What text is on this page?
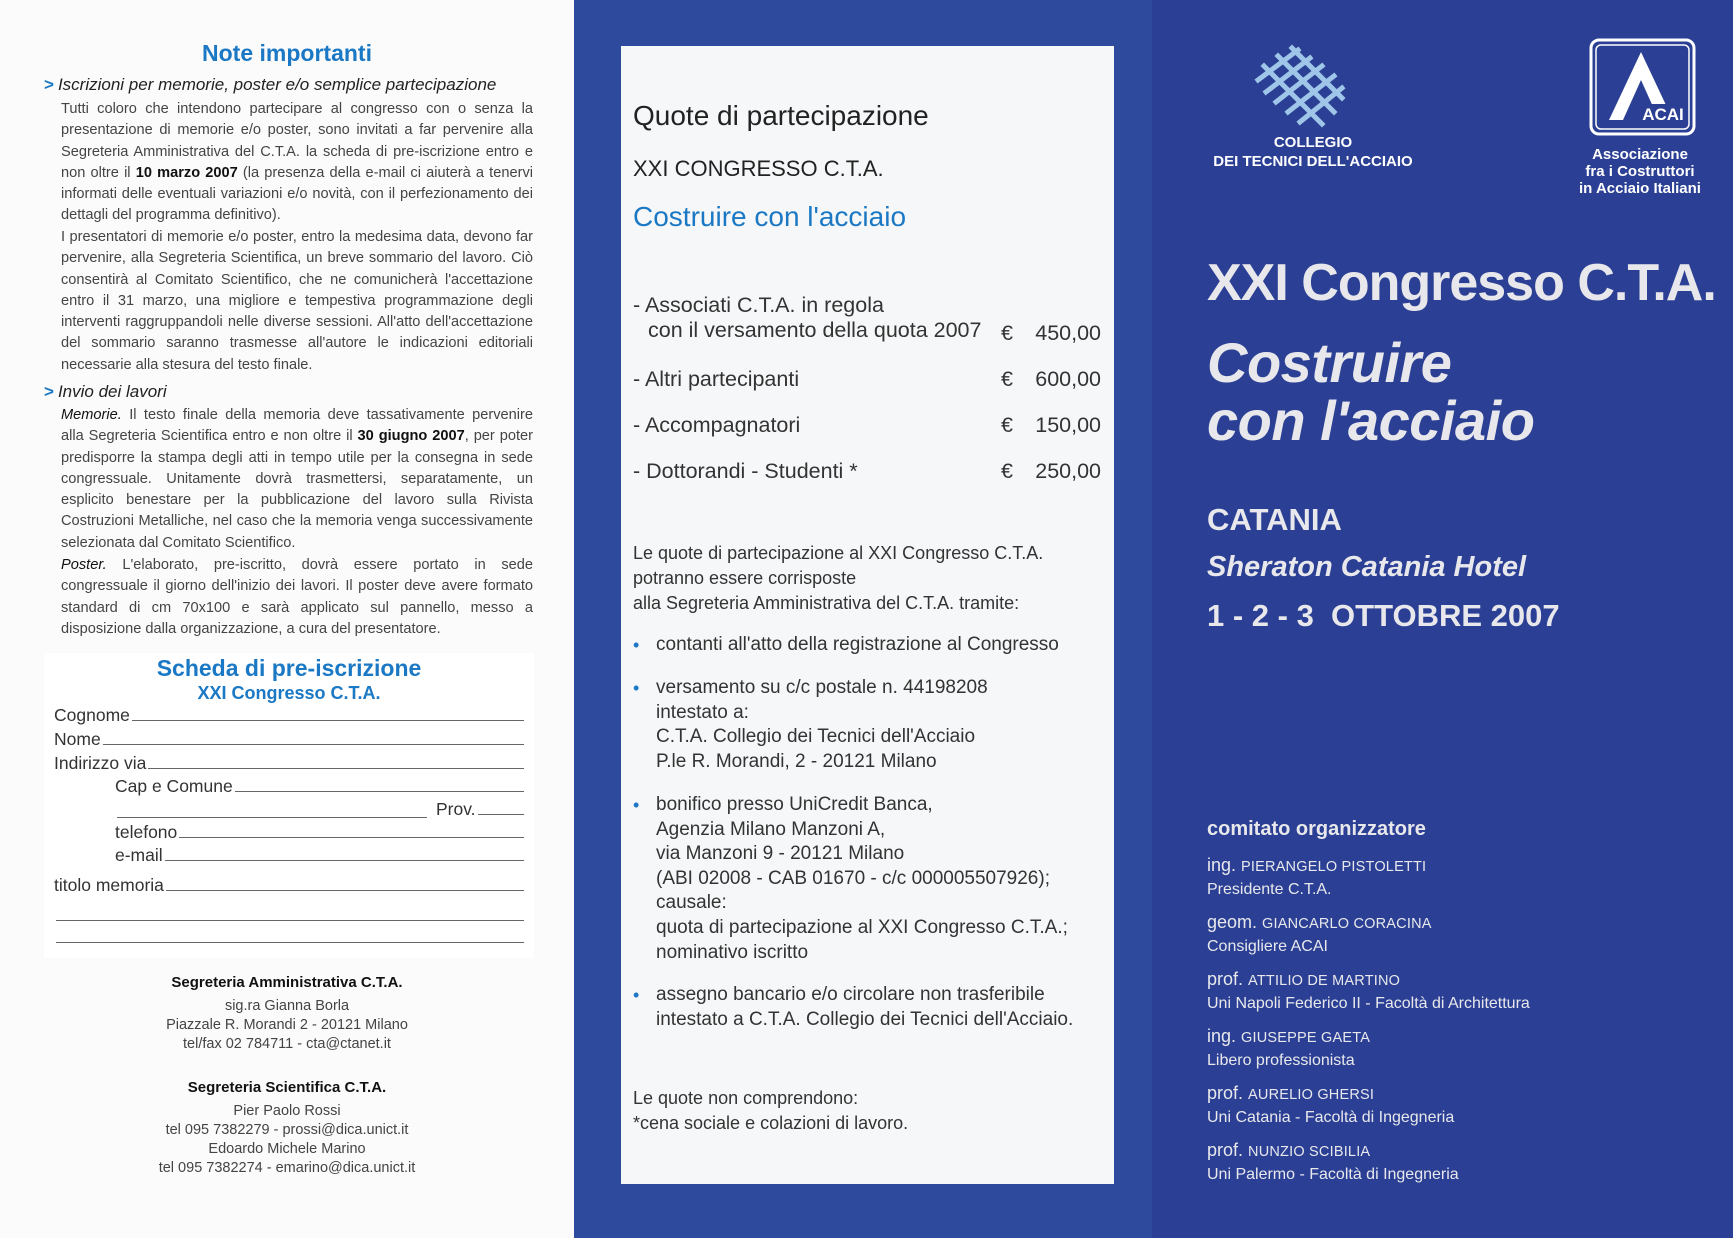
Note importanti
> Iscrizioni per memorie, poster e/o semplice partecipazione

Tutti coloro che intendono partecipare al congresso con o senza la presentazione di memorie e/o poster, sono invitati a far pervenire alla Segreteria Amministrativa del C.T.A. la scheda di pre-iscrizione entro e non oltre il 10 marzo 2007 (la presenza della e-mail ci aiuterà a tenervi informati delle eventuali variazioni e/o novità, con il perfezionamento dei dettagli del programma definitivo).

I presentatori di memorie e/o poster, entro la medesima data, devono far pervenire, alla Segreteria Scientifica, un breve sommario del lavoro. Ciò consentirà al Comitato Scientifico, che ne comunicherà l'accettazione entro il 31 marzo, una migliore e tempestiva programmazione degli interventi raggruppandoli nelle diverse sessioni. All'atto dell'accettazione del sommario saranno trasmesse all'autore le indicazioni editoriali necessarie alla stesura del testo finale.

> Invio dei lavori

Memorie. Il testo finale della memoria deve tassativamente pervenire alla Segreteria Scientifica entro e non oltre il 30 giugno 2007, per poter predisporre la stampa degli atti in tempo utile per la consegna in sede congressuale. Unitamente dovrà trasmettersi, separatamente, un esplicito benestare per la pubblicazione del lavoro sulla Rivista Costruzioni Metalliche, nel caso che la memoria venga successivamente selezionata dal Comitato Scientifico.

Poster. L'elaborato, pre-iscritto, dovrà essere portato in sede congressuale il giorno dell'inizio dei lavori. Il poster deve avere formato standard di cm 70x100 e sarà applicato sul pannello, messo a disposizione dalla organizzazione, a cura del presentatore.

Scheda di pre-iscrizione
XXI Congresso C.T.A.
Cognome
Nome
Indirizzo via
Cap e Comune
Prov.
telefono
e-mail
titolo memoria
Segreteria Amministrativa C.T.A.
sig.ra Gianna Borla
Piazzale R. Morandi 2 - 20121 Milano
tel/fax 02 784711 - cta@ctanet.it
Segreteria Scientifica C.T.A.
Pier Paolo Rossi
tel 095 7382279 - prossi@dica.unict.it
Edoardo Michele Marino
tel 095 7382274 - emarino@dica.unict.it
Quote di partecipazione
XXI CONGRESSO C.T.A.
Costruire con l'acciaio
- Associati C.T.A. in regola
con il versamento della quota 2007 € 450,00
- Altri partecipanti	€ 600,00
- Accompagnatori	€ 150,00
- Dottorandi - Studenti *	€ 250,00
Le quote di partecipazione al XXI Congresso C.T.A.
potranno essere corrisposte
alla Segreteria Amministrativa del C.T.A. tramite:
• contanti all'atto della registrazione al Congresso
• versamento su c/c postale n. 44198208
intestato a:
C.T.A. Collegio dei Tecnici dell'Acciaio
P.le R. Morandi, 2 - 20121 Milano
• bonifico presso UniCredit Banca,
Agenzia Milano Manzoni A,
via Manzoni 9 - 20121 Milano
(ABI 02008 - CAB 01670 - c/c 000005507926);
causale:
quota di partecipazione al XXI Congresso C.T.A.;
nominativo iscritto
• assegno bancario e/o circolare non trasferibile
intestato a C.T.A. Collegio dei Tecnici dell'Acciaio.
Le quote non comprendono:
*cena sociale e colazioni di lavoro.
COLLEGIO
DEI TECNICI DELL'ACCIAIO
ACAI
Associazione
fra i Costruttori
in Acciaio Italiani
XXI Congresso C.T.A.
Costruire
con l'acciaio
CATANIA
Sheraton Catania Hotel
1 - 2 - 3  OTTOBRE 2007
comitato organizzatore
ing. PIERANGELO PISTOLETTI
Presidente C.T.A.
geom. GIANCARLO CORACINA
Consigliere ACAI
prof. ATTILIO DE MARTINO
Uni Napoli Federico II - Facoltà di Architettura
ing. GIUSEPPE GAETA
Libero professionista
prof. AURELIO GHERSI
Uni Catania - Facoltà di Ingegneria
prof. NUNZIO SCIBILIA
Uni Palermo - Facoltà di Ingegneria
